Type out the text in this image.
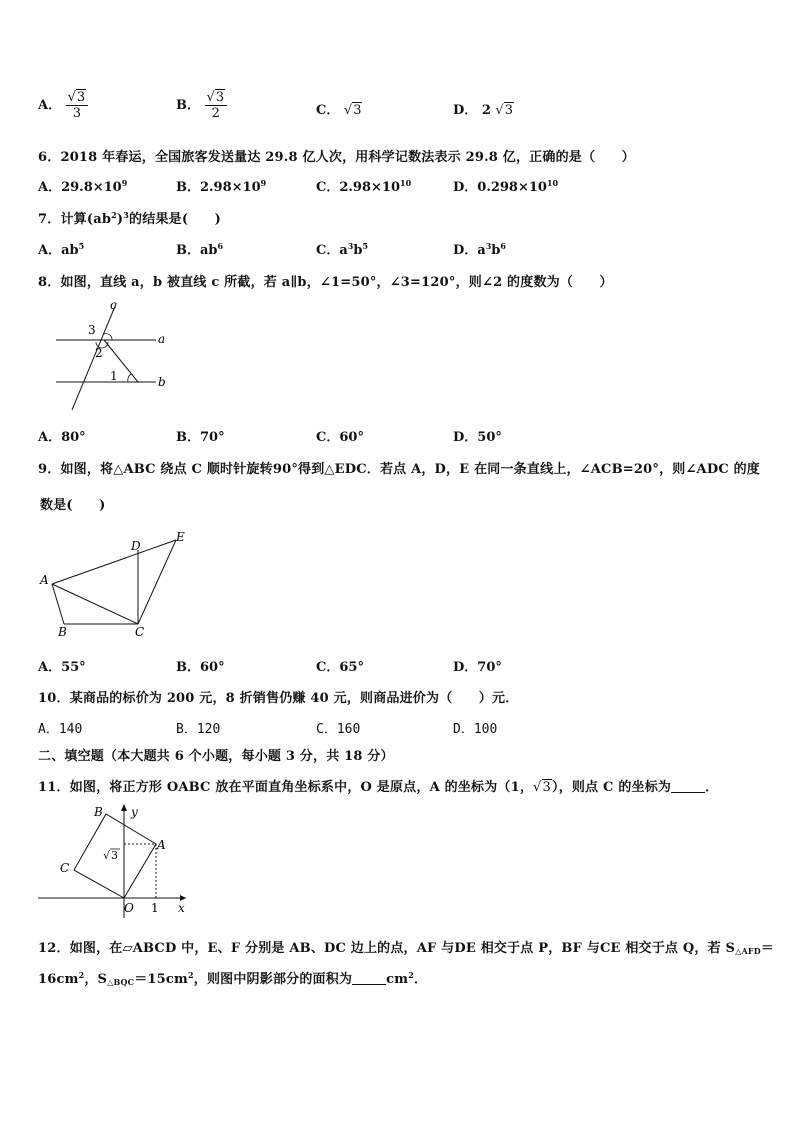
A． $\frac{√3}{3}$	B． $\frac{√3}{2}$	C． √3	D． 2 √3
6．2018 年春运，全国旅客发送量达 29.8 亿人次，用科学记数法表示 29.8 亿，正确的是（　　）
A．$29.8\times 10^9$	B．$2.98\times 10^9$	C．$2.98\times 10^{10}$	D．$0.298\times 10^{10}$
7．计算$(ab^2)^3$的结果是(　　)
A．$ab^5$	B．$ab^6$	C．$a^3b^5$	D．$a^3b^6$
8．如图，直线 a，b 被直线 c 所截，若 a∥b，∠1=50°，∠3=120°，则∠2 的度数为（　　）
c
a
b
1
2
3
A．80°	B．70°	C．60°	D．50°
9．如图，将△ABC 绕点 C 顺时针旋转90°得到△EDC．若点 A，D，E 在同一条直线上，∠ACB=20°，则∠ADC 的度
数是(　　)
A
B	C
D
E
A．55°	B．60°	C．65°	D．70°
10．某商品的标价为 200 元，8 折销售仍赚 40 元，则商品进价为（　　）元．
A．140	B．120	C．160	D．100
二、填空题（本大题共 6 个小题，每小题 3 分，共 18 分）
11．如图，将正方形 OABC 放在平面直角坐标系中，O 是原点，A 的坐标为（1，√3），则点 C 的坐标为	．
B y
A
C
√ 3
O 1 x
12．如图，在▱ABCD 中，E、F 分别是 AB、DC 边上的点，AF 与DE 相交于点 P，BF 与CE 相交于点 Q，若 $S_{\triangle AFD}=$
$16cm^2$，$S_{\triangle BQC}=15cm^2$，则图中阴影部分的面积为	$cm^2$．
